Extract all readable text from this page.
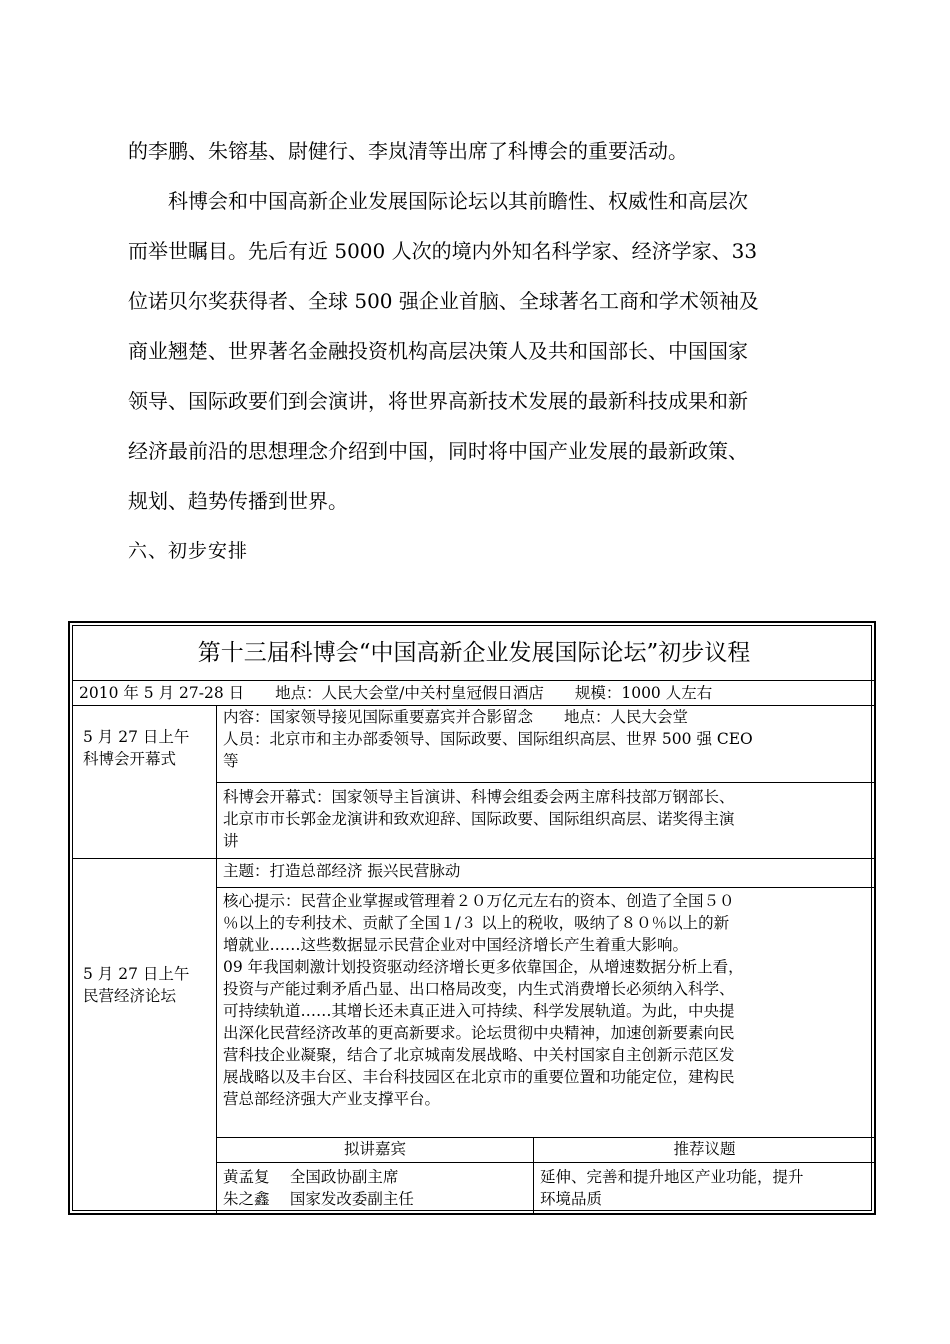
的李鹏、朱镕基、尉健行、李岚清等出席了科博会的重要活动。
　　科博会和中国高新企业发展国际论坛以其前瞻性、权威性和高层次
而举世瞩目。先后有近 5000 人次的境内外知名科学家、经济学家、33
位诺贝尔奖获得者、全球 500 强企业首脑、全球著名工商和学术领袖及
商业翘楚、世界著名金融投资机构高层决策人及共和国部长、中国国家
领导、国际政要们到会演讲，将世界高新技术发展的最新科技成果和新
经济最前沿的思想理念介绍到中国，同时将中国产业发展的最新政策、
规划、趋势传播到世界。
六、初步安排
第十三届科博会“中国高新企业发展国际论坛”初步议程
2010 年 5 月 27-28 日　　地点：人民大会堂/中关村皇冠假日酒店　　规模：1000 人左右
5 月 27 日上午
科博会开幕式
内容：国家领导接见国际重要嘉宾并合影留念　　地点：人民大会堂
人员：北京市和主办部委领导、国际政要、国际组织高层、世界 500 强 CEO
等
科博会开幕式：国家领导主旨演讲、科博会组委会两主席科技部万钢部长、
北京市市长郭金龙演讲和致欢迎辞、国际政要、国际组织高层、诺奖得主演
讲
5 月 27 日上午
民营经济论坛
主题：打造总部经济 振兴民营脉动
核心提示：民营企业掌握或管理着２０万亿元左右的资本、创造了全国５０
％以上的专利技术、贡献了全国１/３ 以上的税收，吸纳了８０％以上的新
增就业……这些数据显示民营企业对中国经济增长产生着重大影响。
09 年我国刺激计划投资驱动经济增长更多依靠国企，从增速数据分析上看，
投资与产能过剩矛盾凸显、出口格局改变，内生式消费增长必须纳入科学、
可持续轨道……其增长还未真正进入可持续、科学发展轨道。为此，中央提
出深化民营经济改革的更高新要求。论坛贯彻中央精神，加速创新要素向民
营科技企业凝聚，结合了北京城南发展战略、中关村国家自主创新示范区发
展战略以及丰台区、丰台科技园区在北京市的重要位置和功能定位，建构民
营总部经济强大产业支撑平台。
拟讲嘉宾	推荐议题
黄孟复　 全国政协副主席
朱之鑫　 国家发改委副主任
延伸、完善和提升地区产业功能，提升
环境品质
